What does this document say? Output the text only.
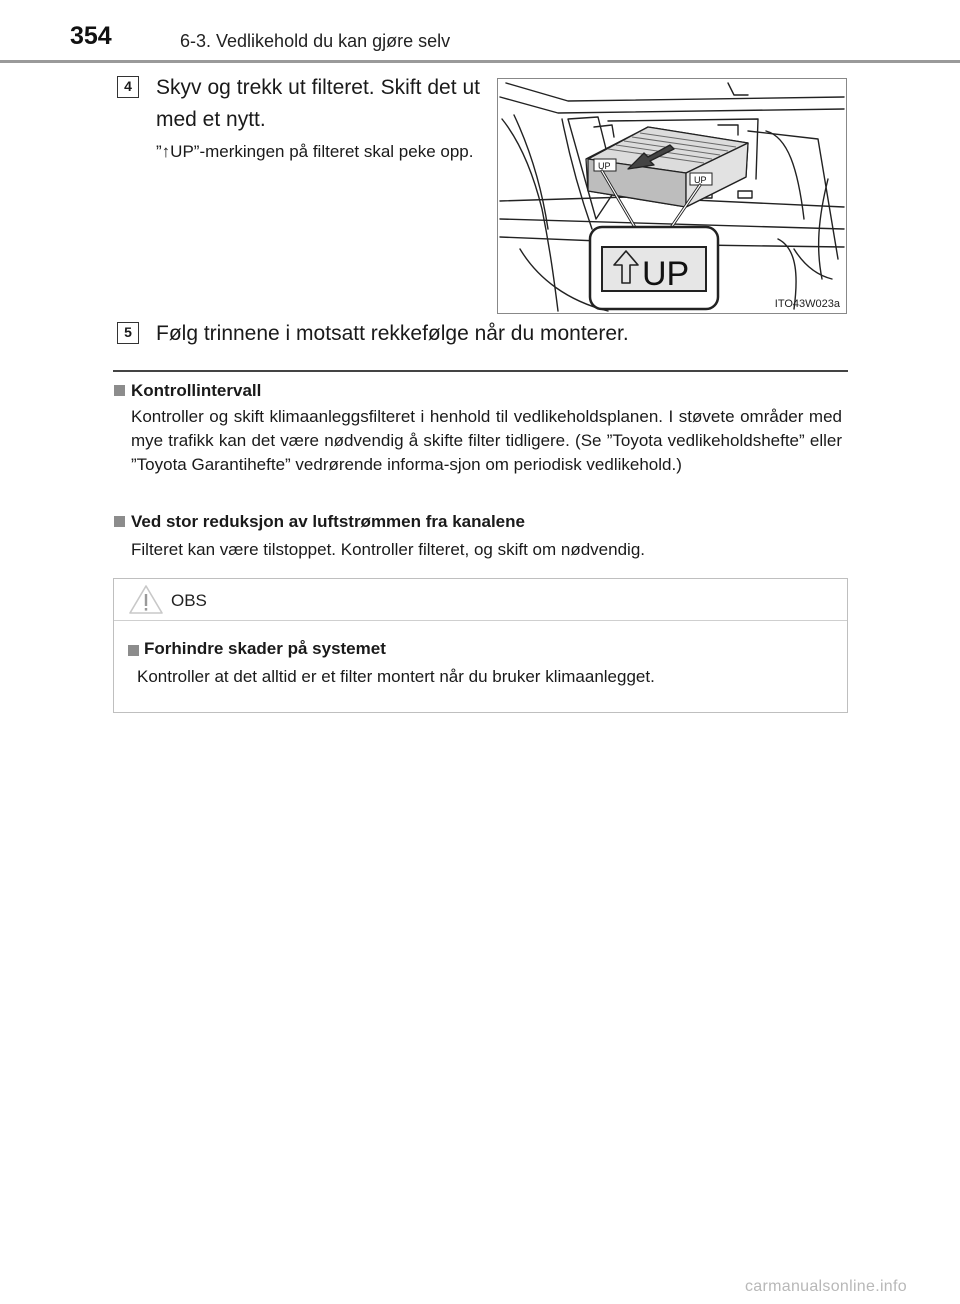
354	6-3. Vedlikehold du kan gjøre selv
4	Skyv og trekk ut filteret. Skift det ut med et nytt.
”↑UP”-merkingen på filteret skal peke opp.
UP
UP
UP
ITO43W023a
5	Følg trinnene i motsatt rekkefølge når du monterer.
Kontrollintervall
Kontroller og skift klimaanleggsfilteret i henhold til vedlikeholdsplanen. I støvete områder med mye trafikk kan det være nødvendig å skifte filter tidligere. (Se ”Toyota vedlikeholdshefte” eller ”Toyota Garantihefte” vedrørende informa-sjon om periodisk vedlikehold.)
Ved stor reduksjon av luftstrømmen fra kanalene
Filteret kan være tilstoppet. Kontroller filteret, og skift om nødvendig.
OBS
Forhindre skader på systemet
Kontroller at det alltid er et filter montert når du bruker klimaanlegget.
carmanualsonline.info
